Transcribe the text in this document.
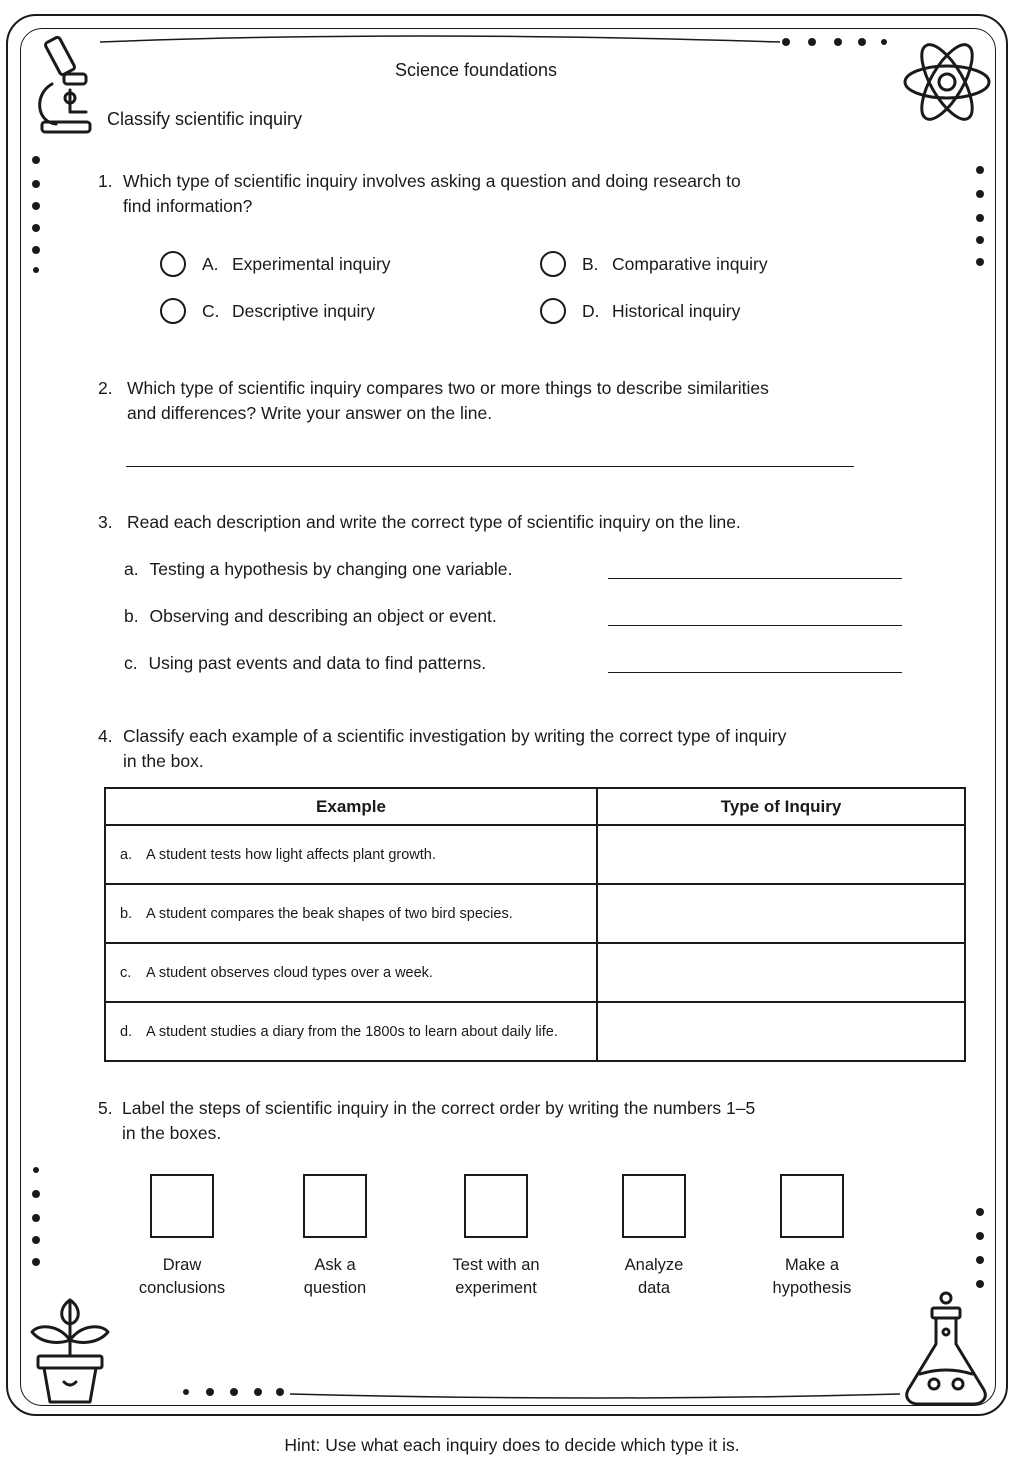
Science foundations
Classify scientific inquiry
1. Which type of scientific inquiry involves asking a question and doing research to
find information?
A. Experimental inquiry	B. Comparative inquiry
C. Descriptive inquiry	D. Historical inquiry
2. Which type of scientific inquiry compares two or more things to describe similarities
and differences? Write your answer on the line.
3. Read each description and write the correct type of scientific inquiry on the line.
a. Testing a hypothesis by changing one variable.
b. Observing and describing an object or event.
c. Using past events and data to find patterns.
4. Classify each example of a scientific investigation by writing the correct type of inquiry
in the box.
Example	Type of Inquiry

a. A student tests how light affects plant growth.	

b. A student compares the beak shapes of two bird species.	

c. A student observes cloud types over a week.	

d. A student studies a diary from the 1800s to learn about daily life.	

5. Label the steps of scientific inquiry in the correct order by writing the numbers 1–5
in the boxes.
Draw
conclusions
Ask a
question
Test with an
experiment
Analyze
data
Make a
hypothesis
Hint: Use what each inquiry does to decide which type it is.
